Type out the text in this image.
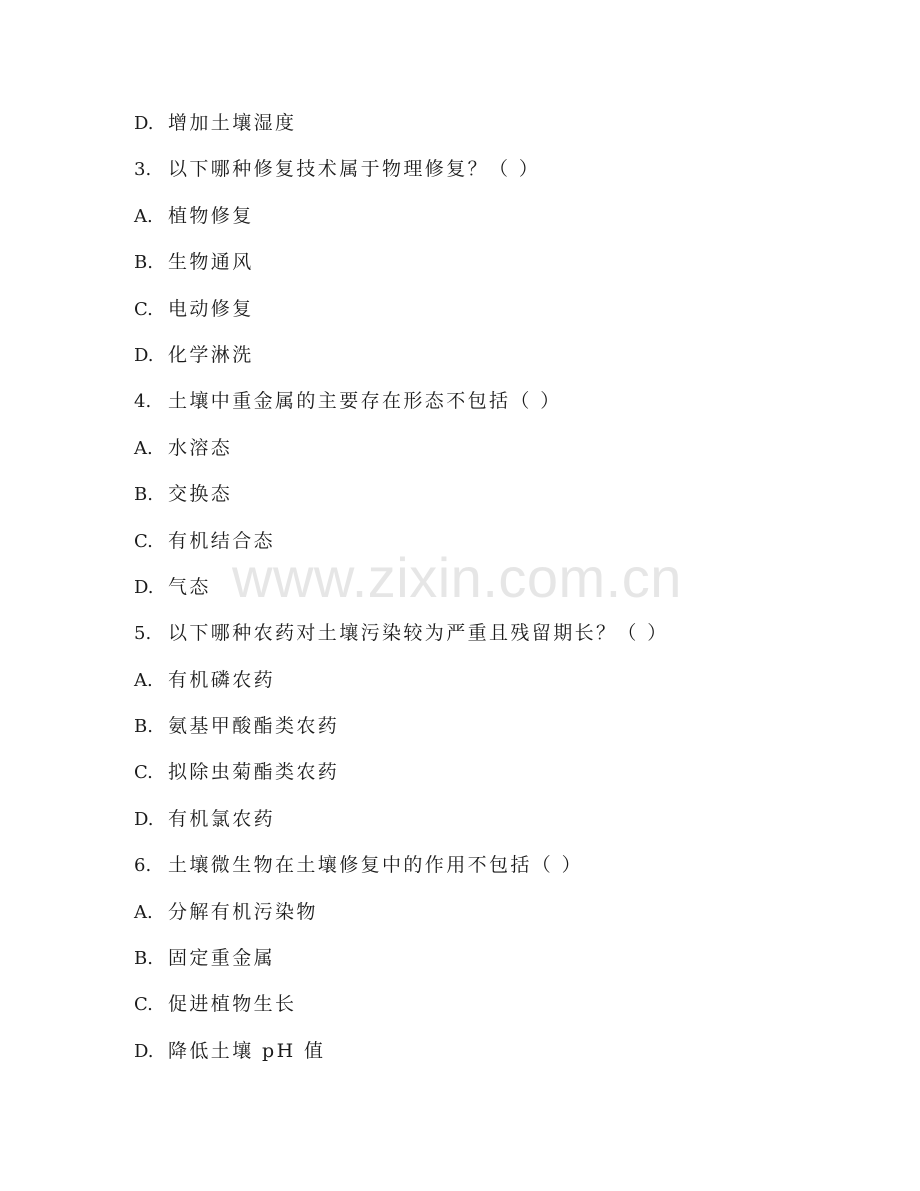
D. 增加土壤湿度
3. 以下哪种修复技术属于物理修复？（ ）
A. 植物修复
B. 生物通风
C. 电动修复
D. 化学淋洗
4. 土壤中重金属的主要存在形态不包括（ ）
A. 水溶态
B. 交换态
C. 有机结合态
D. 气态
5. 以下哪种农药对土壤污染较为严重且残留期长？（ ）
A. 有机磷农药
B. 氨基甲酸酯类农药
C. 拟除虫菊酯类农药
D. 有机氯农药
6. 土壤微生物在土壤修复中的作用不包括（ ）
A. 分解有机污染物
B. 固定重金属
C. 促进植物生长
D. 降低土壤 pH 值
www.zixin.com.cn
